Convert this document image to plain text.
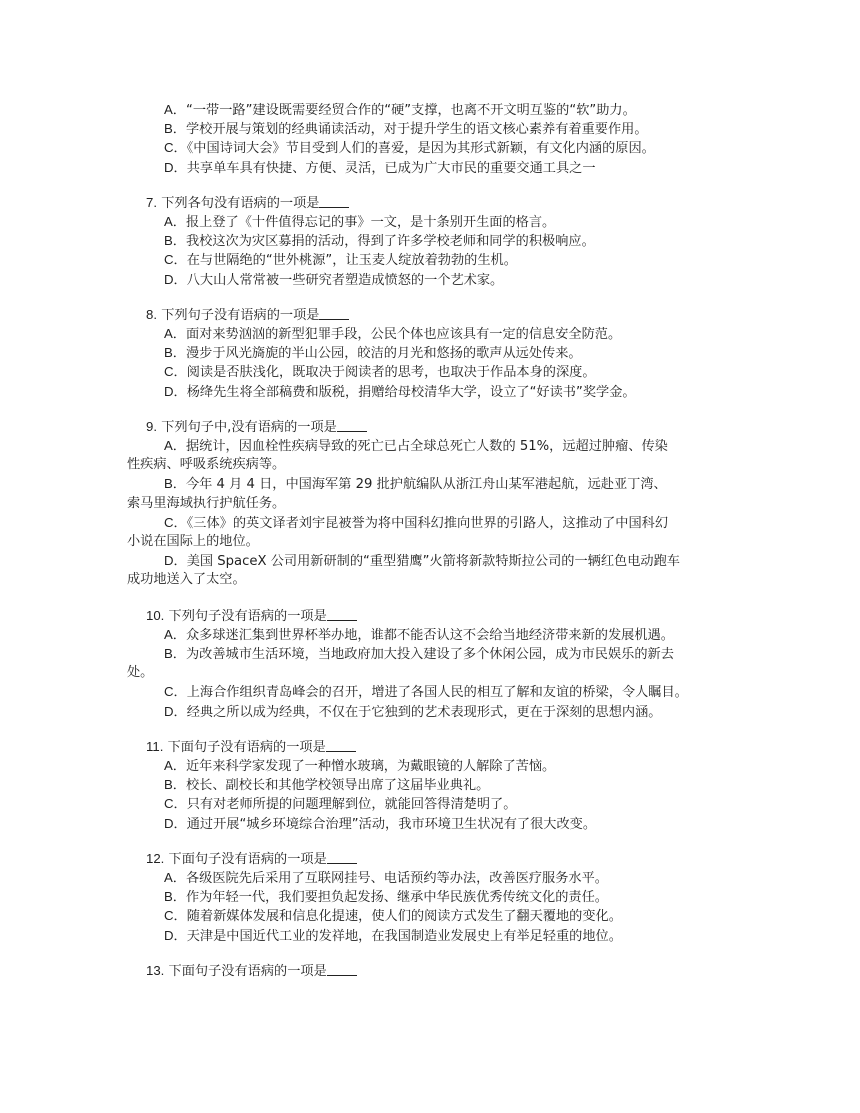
A．“一带一路”建设既需要经贸合作的“硬”支撑，也离不开文明互鉴的“软”助力。
B．学校开展与策划的经典诵读活动，对于提升学生的语文核心素养有着重要作用。
C．《中国诗词大会》节目受到人们的喜爱，是因为其形式新颖，有文化内涵的原因。
D．共享单车具有快捷、方便、灵活，已成为广大市民的重要交通工具之一
7. 下列各句没有语病的一项是
A．报上登了《十件值得忘记的事》一文，是十条别开生面的格言。
B．我校这次为灾区募捐的活动，得到了许多学校老师和同学的积极响应。
C．在与世隔绝的“世外桃源”，让玉麦人绽放着勃勃的生机。
D．八大山人常常被一些研究者塑造成愤怒的一个艺术家。
8. 下列句子没有语病的一项是
A．面对来势汹汹的新型犯罪手段，公民个体也应该具有一定的信息安全防范。
B．漫步于风光旖旎的半山公园，皎洁的月光和悠扬的歌声从远处传来。
C．阅读是否肤浅化，既取决于阅读者的思考，也取决于作品本身的深度。
D．杨绛先生将全部稿费和版税，捐赠给母校清华大学，设立了“好读书”奖学金。
9. 下列句子中,没有语病的一项是
A．据统计，因血栓性疾病导致的死亡已占全球总死亡人数的 51%，远超过肿瘤、传染
性疾病、呼吸系统疾病等。
B．今年 4 月 4 日，中国海军第 29 批护航编队从浙江舟山某军港起航，远赴亚丁湾、
索马里海域执行护航任务。
C．《三体》的英文译者刘宇昆被誉为将中国科幻推向世界的引路人，这推动了中国科幻
小说在国际上的地位。
D．美国 SpaceX 公司用新研制的“重型猎鹰”火箭将新款特斯拉公司的一辆红色电动跑车
成功地送入了太空。
10. 下列句子没有语病的一项是
A．众多球迷汇集到世界杯举办地，谁都不能否认这不会给当地经济带来新的发展机遇。
B．为改善城市生活环境，当地政府加大投入建设了多个休闲公园，成为市民娱乐的新去
处。
C．上海合作组织青岛峰会的召开，增进了各国人民的相互了解和友谊的桥梁，令人瞩目。
D．经典之所以成为经典，不仅在于它独到的艺术表现形式，更在于深刻的思想内涵。
11. 下面句子没有语病的一项是
A．近年来科学家发现了一种憎水玻璃，为戴眼镜的人解除了苦恼。
B．校长、副校长和其他学校领导出席了这届毕业典礼。
C．只有对老师所提的问题理解到位，就能回答得清楚明了。
D．通过开展“城乡环境综合治理”活动，我市环境卫生状况有了很大改变。
12. 下面句子没有语病的一项是
A．各级医院先后采用了互联网挂号、电话预约等办法，改善医疗服务水平。
B．作为年轻一代，我们要担负起发扬、继承中华民族优秀传统文化的责任。
C．随着新媒体发展和信息化提速，使人们的阅读方式发生了翻天覆地的变化。
D．天津是中国近代工业的发祥地，在我国制造业发展史上有举足轻重的地位。
13. 下面句子没有语病的一项是
